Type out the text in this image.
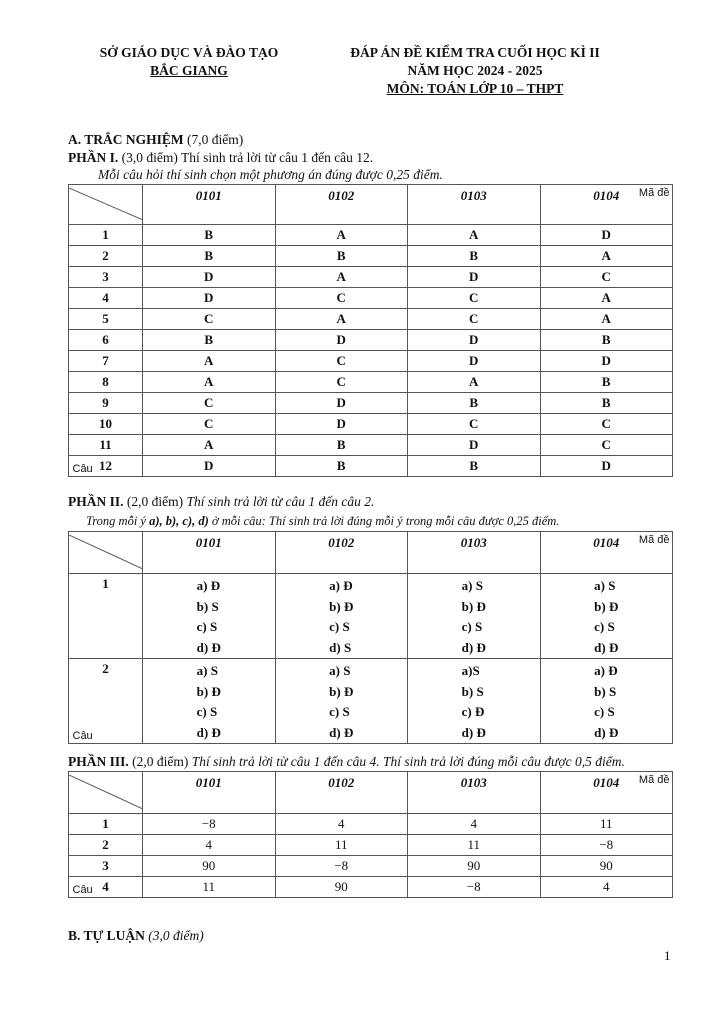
SỞ GIÁO DỤC VÀ ĐÀO TẠO
BẮC GIANG
ĐÁP ÁN ĐỀ KIỂM TRA CUỐI HỌC KÌ II
NĂM HỌC 2024 - 2025
MÔN: TOÁN LỚP 10 – THPT
A. TRẮC NGHIỆM (7,0 điểm)
PHẦN I. (3,0 điểm) Thí sinh trả lời từ câu 1 đến câu 12.
Mỗi câu hỏi thí sinh chọn một phương án đúng được 0,25 điểm.
Mã đề
Câu	0101	0102	0103	0104
1	B	A	A	D
2	B	B	B	A
3	D	A	D	C
4	D	C	C	A
5	C	A	C	A
6	B	D	D	B
7	A	C	D	D
8	A	C	A	B
9	C	D	B	B
10	C	D	C	C
11	A	B	D	C
12	D	B	B	D
PHẦN II. (2,0 điểm) Thí sinh trả lời từ câu 1 đến câu 2.
Trong mỗi ý a), b), c), d) ở mỗi câu: Thí sinh trả lời đúng mỗi ý trong mỗi câu được 0,25 điểm.
Mã đề
Câu	0101	0102	0103	0104
1	a) Đ
b) S
c) S
d) Đ	a) Đ
b) Đ
c) S
d) S	a) S
b) Đ
c) S
d) Đ	a) S
b) Đ
c) S
d) Đ

2	a) S
b) Đ
c) S
d) Đ	a) S
b) Đ
c) S
d) Đ	a)S
b) S
c) Đ
d) Đ	a) Đ
b) S
c) S
d) Đ
PHẦN III. (2,0 điểm) Thí sinh trả lời từ câu 1 đến câu 4. Thí sinh trả lời đúng mỗi câu được 0,5 điểm.
Mã đề
Câu	0101	0102	0103	0104
1	−8	4	4	11
2	4	11	11	−8
3	90	−8	90	90
4	11	90	−8	4
B. TỰ LUẬN (3,0 điểm)
1
